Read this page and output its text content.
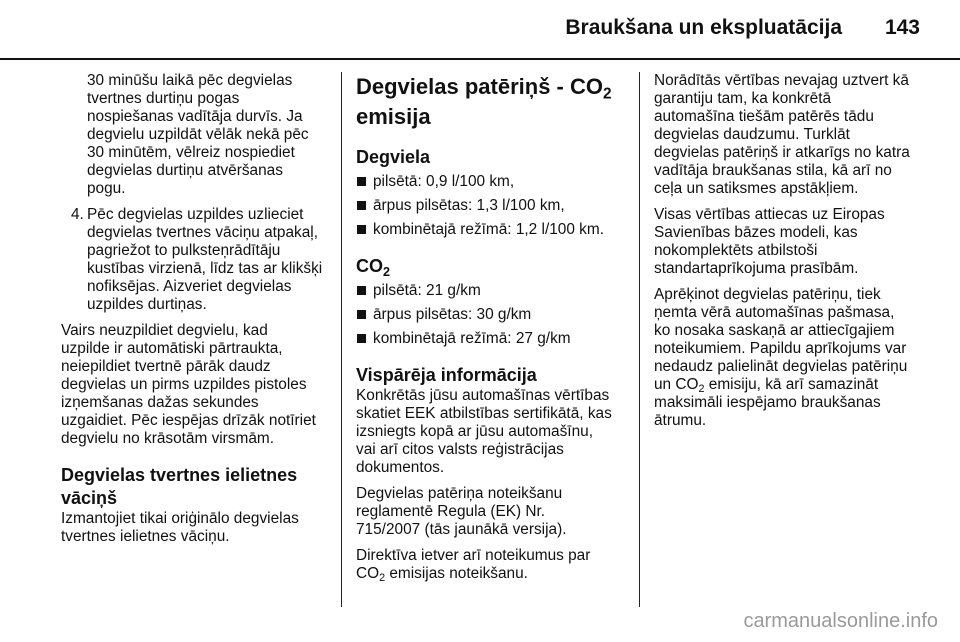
Braukšana un ekspluatācija 143

30 minūšu laikā pēc degvielas
tvertnes durtiņu pogas
nospiešanas vadītāja durvīs. Ja
degvielu uzpildāt vēlāk nekā pēc
30 minūtēm, vēlreiz nospiediet
degvielas durtiņu atvēršanas
pogu.

4. Pēc degvielas uzpildes uzlieciet
degvielas tvertnes vāciņu atpakaļ,
pagriežot to pulksteņrādītāju
kustības virzienā, līdz tas ar klikšķi
nofiksējas. Aizveriet degvielas
uzpildes durtiņas.

Vairs neuzpildiet degvielu, kad
uzpilde ir automātiski pārtraukta,
neiepildiet tvertnē pārāk daudz
degvielas un pirms uzpildes pistoles
izņemšanas dažas sekundes
uzgaidiet. Pēc iespējas drīzāk notīriet
degvielu no krāsotām virsmām.

Degvielas tvertnes ielietnes
vāciņš

Izmantojiet tikai oriģinālo degvielas
tvertnes ielietnes vāciņu.

Degvielas patēriņš - $CO_2$
emisija
Degviela
pilsētā: 0,9 l/100 km,
ārpus pilsētas: 1,3 l/100 km,
kombinētajā režīmā: 1,2 l/100 km.
$CO_2$
pilsētā: 21 g/km
ārpus pilsētas: 30 g/km
kombinētajā režīmā: 27 g/km
Vispārēja informācija

Konkrētās jūsu automašīnas vērtības
skatiet EEK atbilstības sertifikātā, kas
izsniegts kopā ar jūsu automašīnu,
vai arī citos valsts reģistrācijas
dokumentos.

Degvielas patēriņa noteikšanu
reglamentē Regula (EK) Nr.
715/2007 (tās jaunākā versija).

Direktīva ietver arī noteikumus par
$CO_2$ emisijas noteikšanu.

Norādītās vērtības nevajag uztvert kā
garantiju tam, ka konkrētā
automašīna tiešām patērēs tādu
degvielas daudzumu. Turklāt
degvielas patēriņš ir atkarīgs no katra
vadītāja braukšanas stila, kā arī no
ceļa un satiksmes apstākļiem.

Visas vērtības attiecas uz Eiropas
Savienības bāzes modeli, kas
nokomplektēts atbilstoši
standartaprīkojuma prasībām.

Aprēķinot degvielas patēriņu, tiek
ņemta vērā automašīnas pašmasa,
ko nosaka saskaņā ar attiecīgajiem
noteikumiem. Papildu aprīkojums var
nedaudz palielināt degvielas patēriņu
un $CO_2$ emisiju, kā arī samazināt
maksimāli iespējamo braukšanas
ātrumu.

carmanualsonline.info
